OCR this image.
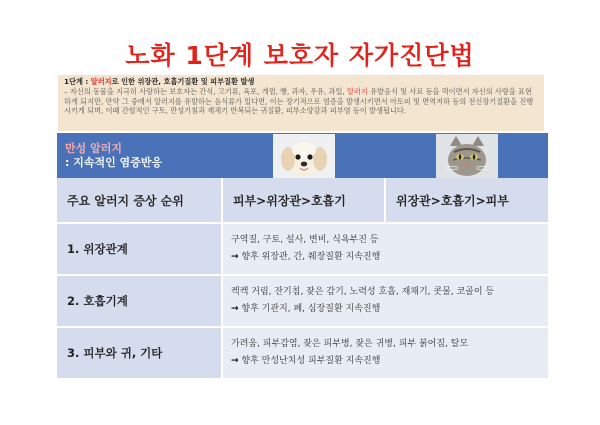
노화 1단계 보호자 자가진단법
1단계 : 알러지로 인한 위장관, 호흡기질환 및 피부질환 발생
– 자신의 동물을 지극히 사랑하는 보호자는 간식, 고기류, 육포, 개껌, 빵, 과자, 우유, 과일, 알러지 유발음식 및 사료 등을 먹이면서 자신의 사랑을 표현하게 되지만, 만약 그 중에서 알러지를 유발하는 음식류가 있다면, 이는 장기적으로 염증을 발생시키면서 아토피 및 면역저하 등의 전신장기질환을 진행시키게 되며, 이때 간헐적인 구토, 만성기침과 재채기 반복되는 귀질환, 피부소양감과 피부염 등이 발생됩니다.
만성 알러지
: 지속적인 염증반응

주요 알러지 증상 순위	피부>위장관>호흡기	위장관>호흡기>피부
1. 위장관계	구역질, 구토, 설사, 변비, 식욕부진 등
→ 향후 위장관, 간, 췌장질환 지속진행	

2. 호흡기계	켁켁 거림, 잔기침, 잦은 감기, 노력성 호흡, 재채기, 콧물, 코골이 등
→ 향후 기관지, 폐, 심장질환 지속진행	

3. 피부와 귀, 기타	가려움, 피부감염, 잦은 피부병, 잦은 귀병, 피부 붉어짐, 탈모
→ 향후 만성난치성 피부질환 지속진행	
